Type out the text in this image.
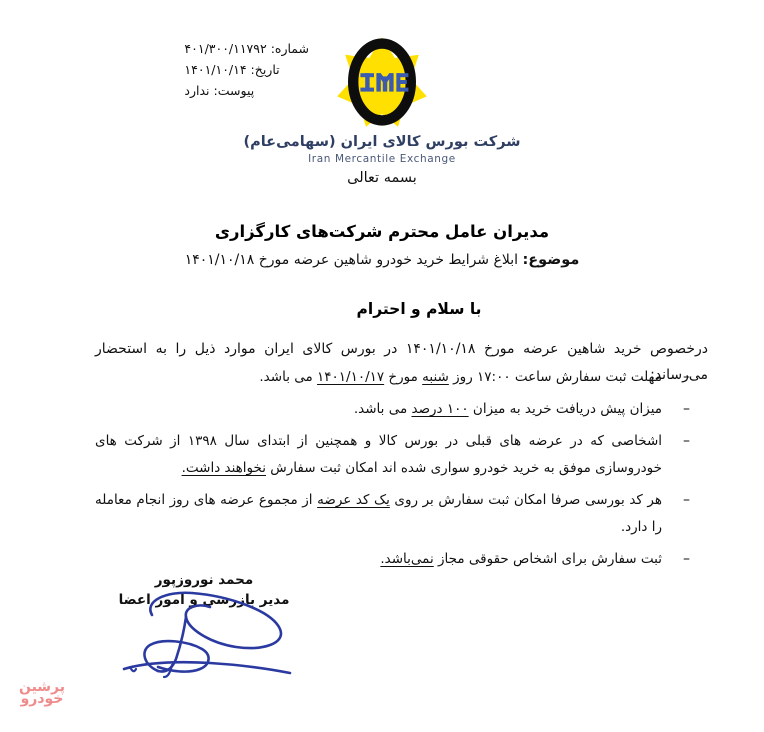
شماره: ۴۰۱/۳۰۰/۱۱۷۹۲
تاریخ: ۱۴۰۱/۱۰/۱۴
پیوست: ندارد
شرکت بورس کالای ایران (سهامی‌عام)
Iran Mercantile Exchange
بسمه تعالی
مدیران عامل محترم شرکت‌های کارگزاری
موضوع: ابلاغ شرایط خرید خودرو شاهین عرضه مورخ ۱۴۰۱/۱۰/۱۸
با سلام و احترام
درخصوص خرید شاهین عرضه مورخ ۱۴۰۱/۱۰/۱۸ در بورس کالای ایران موارد ذیل را به استحضار می‌رساند:
– مهلت ثبت سفارش ساعت ۱۷:۰۰ روز شنبه مورخ ۱۴۰۱/۱۰/۱۷ می باشد.
– میزان پیش دریافت خرید به میزان ۱۰۰ درصد می باشد.
– اشخاصی که در عرضه های قبلی در بورس کالا و همچنین از ابتدای سال ۱۳۹۸ از شرکت های خودروسازی موفق به خرید خودرو سواری شده اند امکان ثبت سفارش نخواهند داشت.
– هر کد بورسی صرفا امکان ثبت سفارش بر روی یک کد عرضه از مجموع عرضه های روز انجام معامله را دارد.
– ثبت سفارش برای اشخاص حقوقی مجاز نمی‌باشد.
محمد نوروزپور
مدیر بازرسی و امور اعضا
پرشین
خودرو
